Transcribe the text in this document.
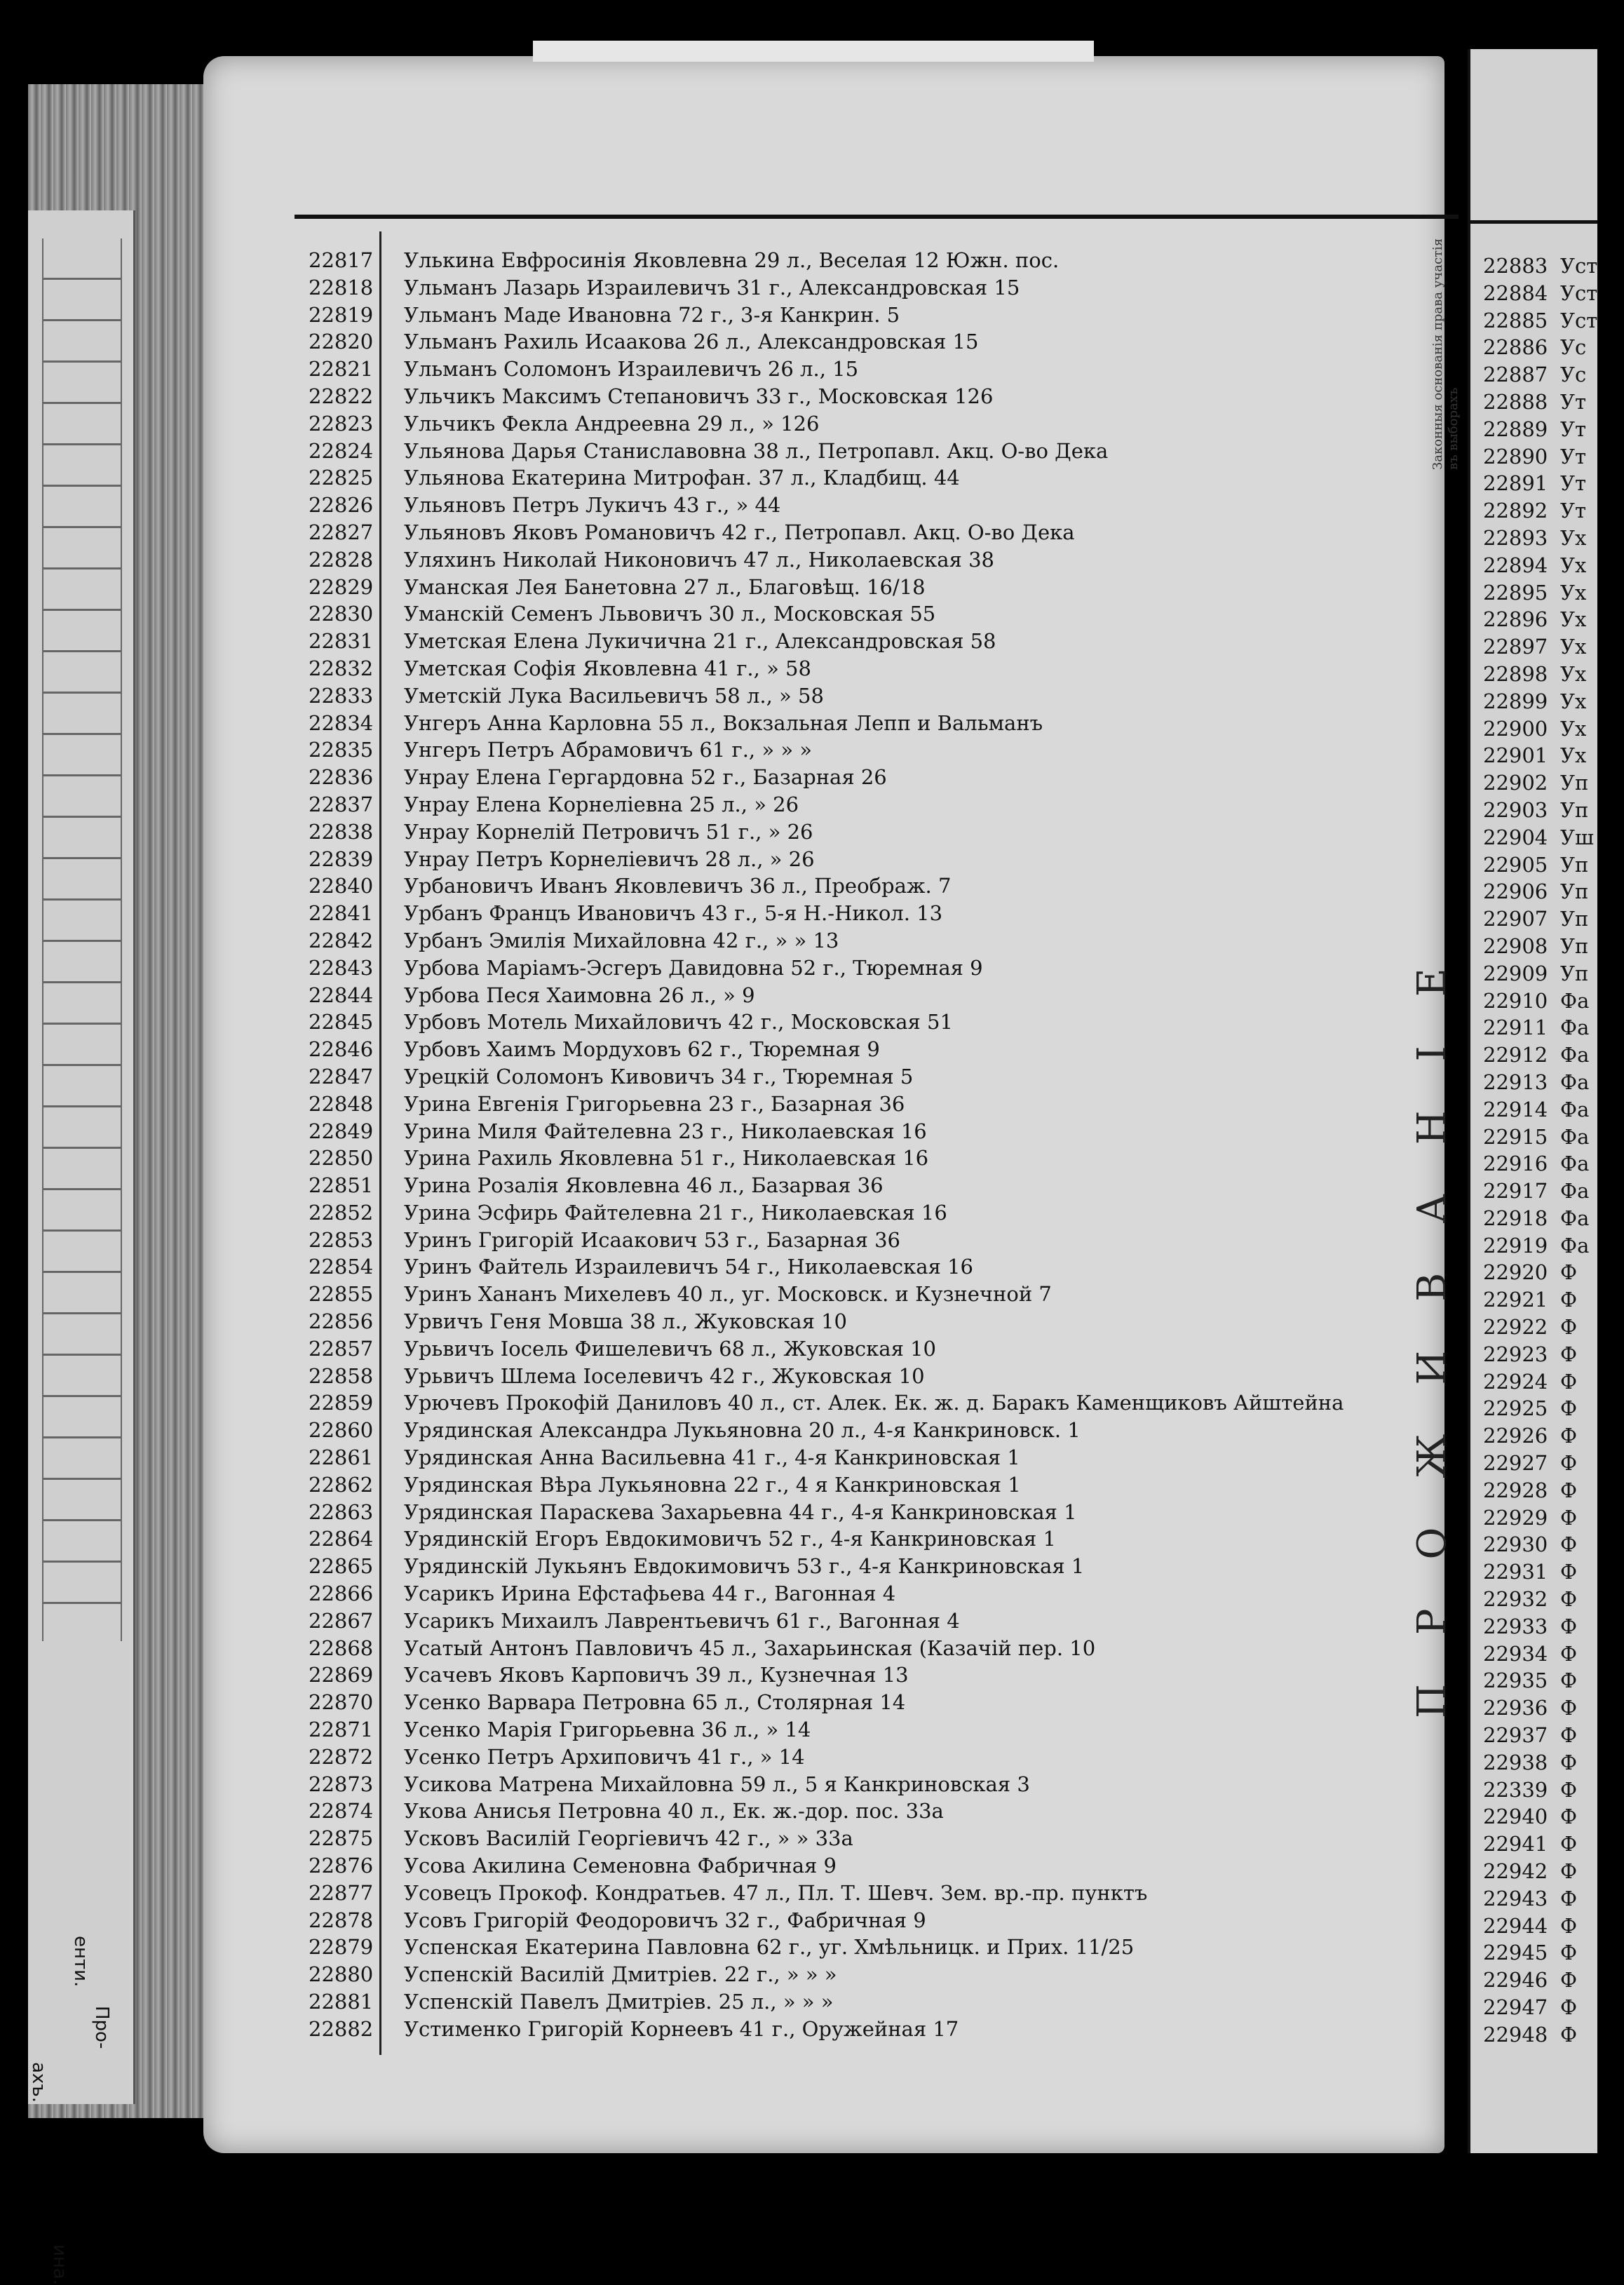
Про-
енти.
ина.
ахъ.
22817 Улькина Евфросинія Яковлевна 29 л., Веселая 12 Южн. пос.
22818 Ульманъ Лазарь Израилевичъ 31 г., Александровская 15
22819 Ульманъ Маде Ивановна 72 г., 3-я Канкрин. 5
22820 Ульманъ Рахиль Исаакова 26 л., Александровская 15
22821 Ульманъ Соломонъ Израилевичъ 26 л., 15
22822 Ульчикъ Максимъ Степановичъ 33 г., Московская 126
22823 Ульчикъ Фекла Андреевна 29 л., » 126
22824 Ульянова Дарья Станиславовна 38 л., Петропавл. Акц. О-во Дека
22825 Ульянова Екатерина Митрофан. 37 л., Кладбищ. 44
22826 Ульяновъ Петръ Лукичъ 43 г., » 44
22827 Ульяновъ Яковъ Романовичъ 42 г., Петропавл. Акц. О-во Дека
22828 Уляхинъ Николай Никоновичъ 47 л., Николаевская 38
22829 Уманская Лея Банетовна 27 л., Благовѣщ. 16/18
22830 Уманскій Семенъ Львовичъ 30 л., Московская 55
22831 Уметская Елена Лукичична 21 г., Александровская 58
22832 Уметская Софія Яковлевна 41 г., » 58
22833 Уметскій Лука Васильевичъ 58 л., » 58
22834 Унгеръ Анна Карловна 55 л., Вокзальная Лепп и Вальманъ
22835 Унгеръ Петръ Абрамовичъ 61 г., » » »
22836 Унрау Елена Гергардовна 52 г., Базарная 26
22837 Унрау Елена Корнеліевна 25 л., » 26
22838 Унрау Корнелій Петровичъ 51 г., » 26
22839 Унрау Петръ Корнеліевичъ 28 л., » 26
22840 Урбановичъ Иванъ Яковлевичъ 36 л., Преображ. 7
22841 Урбанъ Францъ Ивановичъ 43 г., 5-я Н.-Никол. 13
22842 Урбанъ Эмилія Михайловна 42 г., » » 13
22843 Урбова Маріамъ-Эсгеръ Давидовна 52 г., Тюремная 9
22844 Урбова Песя Хаимовна 26 л., » 9
22845 Урбовъ Мотель Михайловичъ 42 г., Московская 51
22846 Урбовъ Хаимъ Мордуховъ 62 г., Тюремная 9
22847 Урецкій Соломонъ Кивовичъ 34 г., Тюремная 5
22848 Урина Евгенія Григорьевна 23 г., Базарная 36
22849 Урина Миля Файтелевна 23 г., Николаевская 16
22850 Урина Рахиль Яковлевна 51 г., Николаевская 16
22851 Урина Розалія Яковлевна 46 л., Базарвая 36
22852 Урина Эсфирь Файтелевна 21 г., Николаевская 16
22853 Уринъ Григорій Исаакович 53 г., Базарная 36
22854 Уринъ Файтель Израилевичъ 54 г., Николаевская 16
22855 Уринъ Хананъ Михелевъ 40 л., уг. Московск. и Кузнечной 7
22856 Урвичъ Геня Мовша 38 л., Жуковская 10
22857 Урьвичъ Іосель Фишелевичъ 68 л., Жуковская 10
22858 Урьвичъ Шлема Іоселевичъ 42 г., Жуковская 10
22859 Урючевъ Прокофій Даниловъ 40 л., ст. Алек. Ек. ж. д. Баракъ Каменщиковъ Айштейна
22860 Урядинская Александра Лукьяновна 20 л., 4-я Канкриновск. 1
22861 Урядинская Анна Васильевна 41 г., 4-я Канкриновская 1
22862 Урядинская Вѣра Лукьяновна 22 г., 4 я Канкриновская 1
22863 Урядинская Параскева Захарьевна 44 г., 4-я Канкриновская 1
22864 Урядинскій Егоръ Евдокимовичъ 52 г., 4-я Канкриновская 1
22865 Урядинскій Лукьянъ Евдокимовичъ 53 г., 4-я Канкриновская 1
22866 Усарикъ Ирина Ефстафьева 44 г., Вагонная 4
22867 Усарикъ Михаилъ Лаврентьевичъ 61 г., Вагонная 4
22868 Усатый Антонъ Павловичъ 45 л., Захарьинская (Казачій пер. 10
22869 Усачевъ Яковъ Карповичъ 39 л., Кузнечная 13
22870 Усенко Варвара Петровна 65 л., Столярная 14
22871 Усенко Марія Григорьевна 36 л., » 14
22872 Усенко Петръ Архиповичъ 41 г., » 14
22873 Усикова Матрена Михайловна 59 л., 5 я Канкриновская 3
22874 Укова Анисья Петровна 40 л., Ек. ж.-дор. пос. 33а
22875 Усковъ Василій Георгіевичъ 42 г., » » 33а
22876 Усова Акилина Семеновна Фабричная 9
22877 Усовецъ Прокоф. Кондратьев. 47 л., Пл. Т. Шевч. Зем. вр.-пр. пунктъ
22878 Усовъ Григорій Феодоровичъ 32 г., Фабричная 9
22879 Успенская Екатерина Павловна 62 г., уг. Хмѣльницк. и Прих. 11/25
22880 Успенскій Василій Дмитріев. 22 г., » » »
22881 Успенскій Павелъ Дмитріев. 25 л., » » »
22882 Устименко Григорій Корнеевъ 41 г., Оружейная 17
Законныя основанія права участія въ выборахъ
ПРОЖИВАНІЕ
22883 Уст
22884 Уст
22885 Уст
22886 Ус
22887 Ус
22888 Ут
22889 Ут
22890 Ут
22891 Ут
22892 Ут
22893 Ух
22894 Ух
22895 Ух
22896 Ух
22897 Ух
22898 Ух
22899 Ух
22900 Ух
22901 Ух
22902 Уп
22903 Уп
22904 Уш
22905 Уп
22906 Уп
22907 Уп
22908 Уп
22909 Уп
22910 Фа
22911 Фа
22912 Фа
22913 Фа
22914 Фа
22915 Фа
22916 Фа
22917 Фа
22918 Фа
22919 Фа
22920 Ф
22921 Ф
22922 Ф
22923 Ф
22924 Ф
22925 Ф
22926 Ф
22927 Ф
22928 Ф
22929 Ф
22930 Ф
22931 Ф
22932 Ф
22933 Ф
22934 Ф
22935 Ф
22936 Ф
22937 Ф
22938 Ф
22339 Ф
22940 Ф
22941 Ф
22942 Ф
22943 Ф
22944 Ф
22945 Ф
22946 Ф
22947 Ф
22948 Ф
